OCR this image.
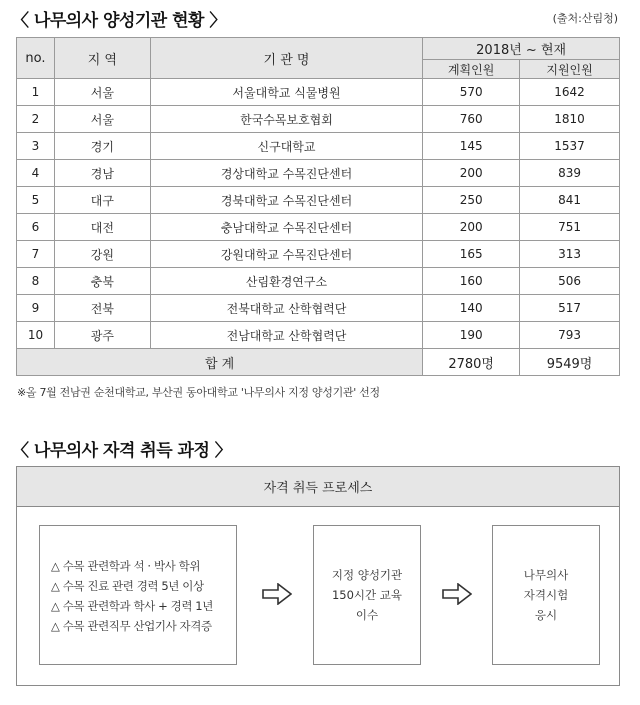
〈 나무의사 양성기관 현황 〉	(출처:산림청)
no.	지 역	기 관 명	2018년 ~ 현재	
			계획인원	지원인원
1	서울	서울대학교 식물병원	570	1642
2	서울	한국수목보호협회	760	1810
3	경기	신구대학교	145	1537
4	경남	경상대학교 수목진단센터	200	839
5	대구	경북대학교 수목진단센터	250	841
6	대전	충남대학교 수목진단센터	200	751
7	강원	강원대학교 수목진단센터	165	313
8	충북	산림환경연구소	160	506
9	전북	전북대학교 산학협력단	140	517
10	광주	전남대학교 산학협력단	190	793
합 계			2780명	9549명
※올 7월 전남권 순천대학교, 부산권 동아대학교 '나무의사 지정 양성기관' 선정
〈 나무의사 자격 취득 과정 〉
자격 취득 프로세스
△ 수목 관련학과 석 · 박사 학위
△ 수목 진료 관련 경력 5년 이상
△ 수목 관련학과 학사 + 경력 1년
△ 수목 관련직무 산업기사 자격증
지정 양성기관
150시간 교육
이수
나무의사
자격시험
응시
